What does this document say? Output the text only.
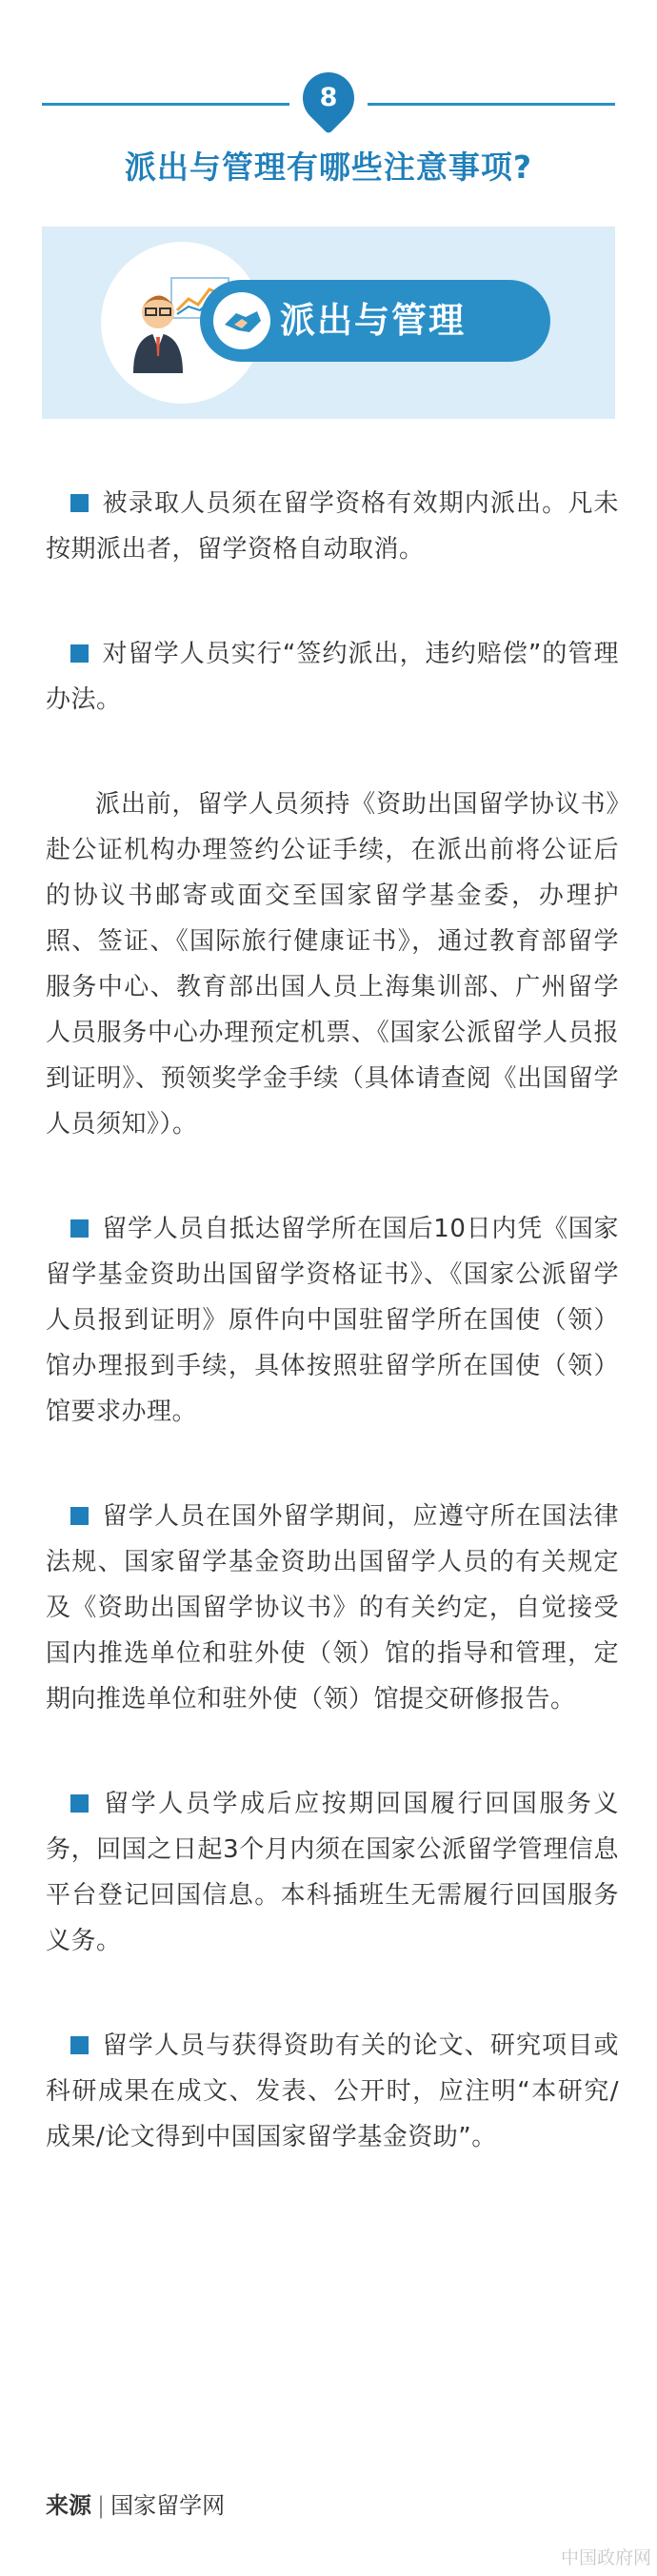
8
派出与管理有哪些注意事项?
派出与管理

被录取人员须在留学资格有效期内派出。凡未按期派出者，留学资格自动取消。

对留学人员实行“签约派出，违约赔偿”的管理办法。

派出前，留学人员须持《资助出国留学协议书》赴公证机构办理签约公证手续，在派出前将公证后的协议书邮寄或面交至国家留学基金委，办理护照、签证、《国际旅行健康证书》，通过教育部留学服务中心、教育部出国人员上海集训部、广州留学人员服务中心办理预定机票、《国家公派留学人员报到证明》、预领奖学金手续（具体请查阅《出国留学人员须知》）。

留学人员自抵达留学所在国后10日内凭《国家留学基金资助出国留学资格证书》、《国家公派留学人员报到证明》原件向中国驻留学所在国使（领）馆办理报到手续，具体按照驻留学所在国使（领）馆要求办理。

留学人员在国外留学期间，应遵守所在国法律法规、国家留学基金资助出国留学人员的有关规定及《资助出国留学协议书》的有关约定，自觉接受国内推选单位和驻外使（领）馆的指导和管理，定期向推选单位和驻外使（领）馆提交研修报告。

留学人员学成后应按期回国履行回国服务义务，回国之日起3个月内须在国家公派留学管理信息平台登记回国信息。本科插班生无需履行回国服务义务。

留学人员与获得资助有关的论文、研究项目或科研成果在成文、发表、公开时，应注明“本研究/成果/论文得到中国国家留学基金资助”。

来源 | 国家留学网
中国政府网
